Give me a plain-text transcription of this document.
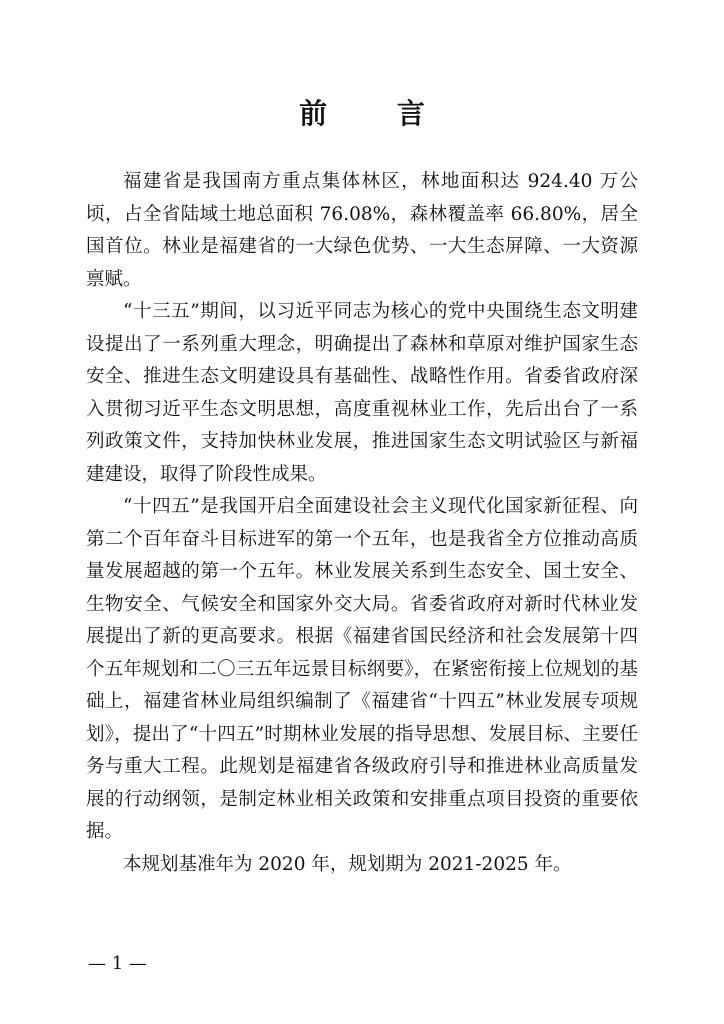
前 言

福建省是我国南方重点集体林区，林地面积达 924.40 万公顷，占全省陆域土地总面积 76.08%，森林覆盖率 66.80%，居全国首位。林业是福建省的一大绿色优势、一大生态屏障、一大资源禀赋。

“十三五”期间，以习近平同志为核心的党中央围绕生态文明建设提出了一系列重大理念，明确提出了森林和草原对维护国家生态安全、推进生态文明建设具有基础性、战略性作用。省委省政府深入贯彻习近平生态文明思想，高度重视林业工作，先后出台了一系列政策文件，支持加快林业发展，推进国家生态文明试验区与新福建建设，取得了阶段性成果。

“十四五”是我国开启全面建设社会主义现代化国家新征程、向第二个百年奋斗目标进军的第一个五年，也是我省全方位推动高质量发展超越的第一个五年。林业发展关系到生态安全、国土安全、生物安全、气候安全和国家外交大局。省委省政府对新时代林业发展提出了新的更高要求。根据《福建省国民经济和社会发展第十四个五年规划和二〇三五年远景目标纲要》，在紧密衔接上位规划的基础上，福建省林业局组织编制了《福建省“十四五”林业发展专项规划》，提出了“十四五”时期林业发展的指导思想、发展目标、主要任务与重大工程。此规划是福建省各级政府引导和推进林业高质量发展的行动纲领，是制定林业相关政策和安排重点项目投资的重要依据。

本规划基准年为 2020 年，规划期为 2021-2025 年。

— 1 —
